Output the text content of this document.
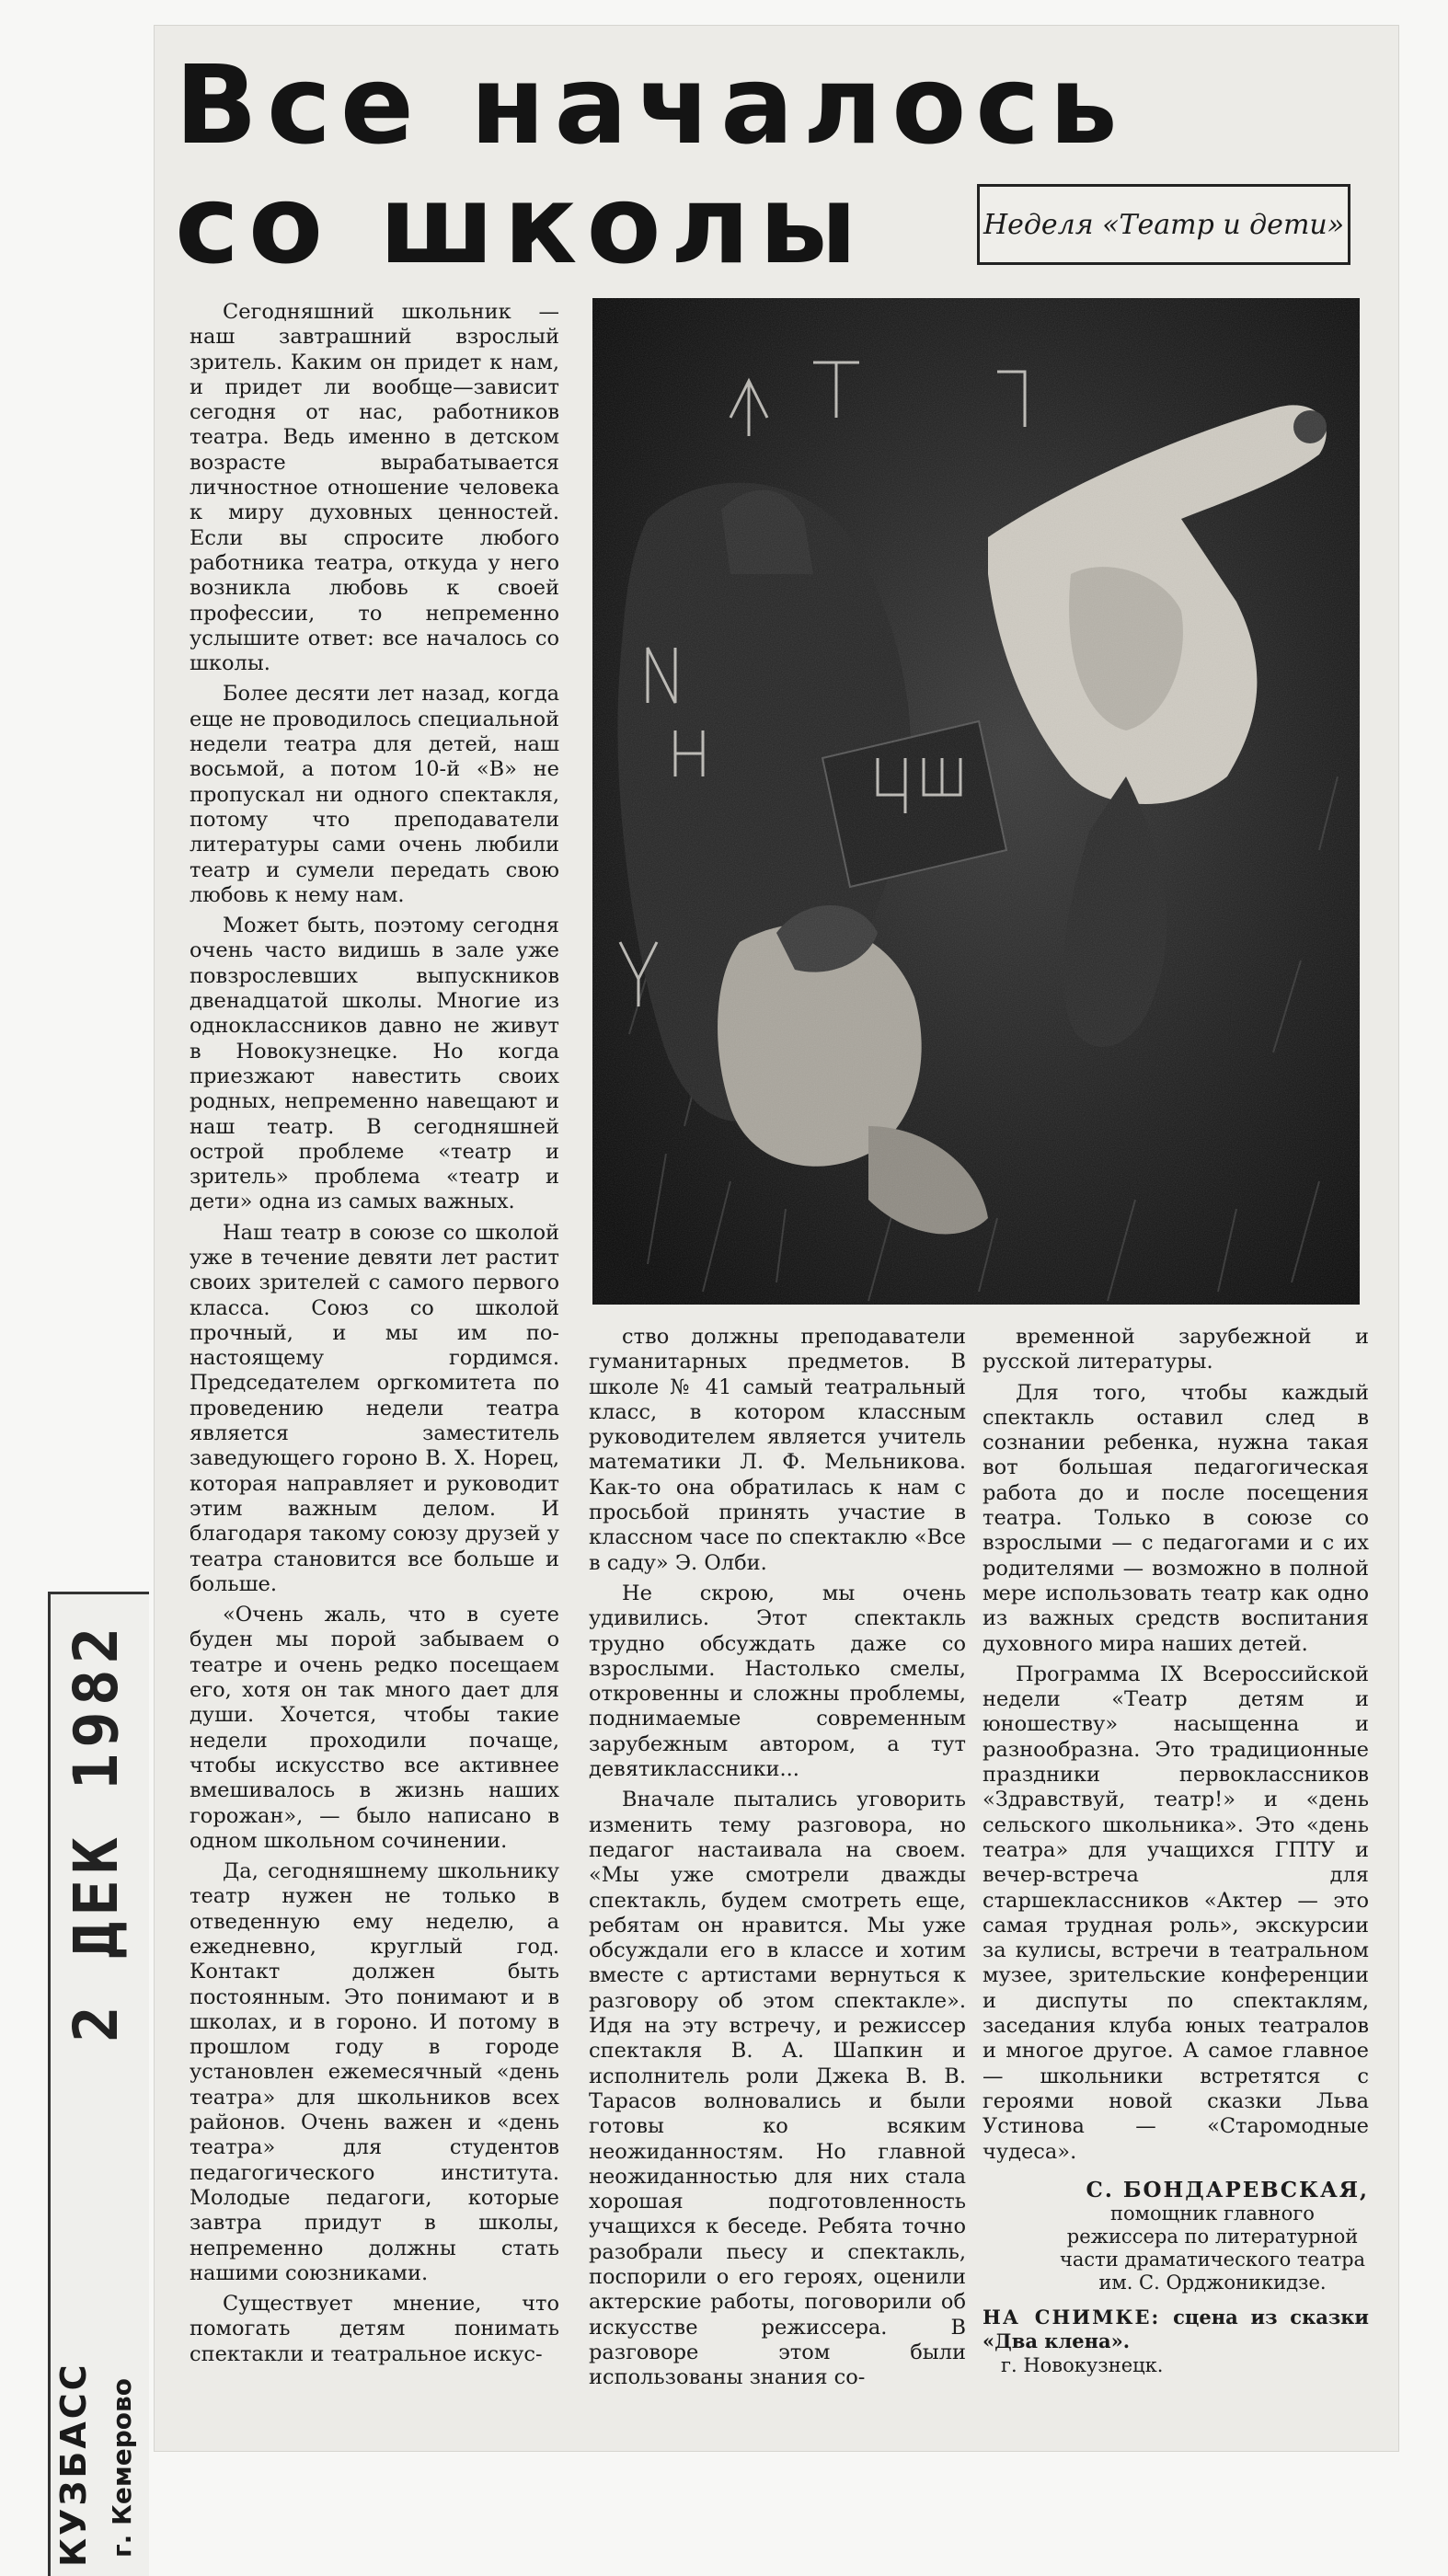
Все началось
со школы	Неделя «Театр и дети»

Сегодняшний школьник — наш завтрашний взрослый зритель. Каким он придет к нам, и придет ли вообще—зависит сегодня от нас, работников театра. Ведь именно в детском возрасте вырабатывается личностное отношение человека к миру духовных ценностей. Если вы спросите любого работника театра, откуда у него возникла любовь к своей профессии, то непременно услышите ответ: все началось со школы.

Более десяти лет назад, когда еще не проводилось специальной недели театра для детей, наш восьмой, а потом 10-й «В» не пропускал ни одного спектакля, потому что преподаватели литературы сами очень любили театр и сумели передать свою любовь к нему нам.

Может быть, поэтому сегодня очень часто видишь в зале уже повзрослевших выпускников двенадцатой школы. Многие из одноклассников давно не живут в Новокузнецке. Но когда приезжают навестить своих родных, непременно навещают и наш театр. В сегодняшней острой проблеме «театр и зритель» проблема «театр и дети» одна из самых важных.

Наш театр в союзе со школой уже в течение девяти лет растит своих зрителей с самого первого класса. Союз со школой прочный, и мы им по-настоящему гордимся. Председателем оргкомитета по проведению недели театра является заместитель заведующего гороно В. Х. Норец, которая направляет и руководит этим важным делом. И благодаря такому союзу друзей у театра становится все больше и больше.

«Очень жаль, что в суете буден мы порой забываем о театре и очень редко посещаем его, хотя он так много дает для души. Хочется, чтобы такие недели проходили почаще, чтобы искусство все активнее вмешивалось в жизнь наших горожан», — было написано в одном школьном сочинении.

Да, сегодняшнему школьнику театр нужен не только в отведенную ему неделю, а ежедневно, круглый год. Контакт должен быть постоянным. Это понимают и в школах, и в гороно. И потому в прошлом году в городе установлен ежемесячный «день театра» для школьников всех районов. Очень важен и «день театра» для студентов педагогического института. Молодые педагоги, которые завтра придут в школы, непременно должны стать нашими союзниками.

Существует мнение, что помогать детям понимать спектакли и театральное искус-

ство должны преподаватели гуманитарных предметов. В школе № 41 самый театральный класс, в котором классным руководителем является учитель математики Л. Ф. Мельникова. Как-то она обратилась к нам с просьбой принять участие в классном часе по спектаклю «Все в саду» Э. Олби.

Не скрою, мы очень удивились. Этот спектакль трудно обсуждать даже со взрослыми. Настолько смелы, откровенны и сложны проблемы, поднимаемые современным зарубежным автором, а тут девятиклассники...

Вначале пытались уговорить изменить тему разговора, но педагог настаивала на своем. «Мы уже смотрели дважды спектакль, будем смотреть еще, ребятам он нравится. Мы уже обсуждали его в классе и хотим вместе с артистами вернуться к разговору об этом спектакле». Идя на эту встречу, и режиссер спектакля В. А. Шапкин и исполнитель роли Джека В. В. Тарасов волновались и были готовы ко всяким неожиданностям. Но главной неожиданностью для них стала хорошая подготовленность учащихся к беседе. Ребята точно разобрали пьесу и спектакль, поспорили о его героях, оценили актерские работы, поговорили об искусстве режиссера. В разговоре этом были использованы знания со-

временной зарубежной и русской литературы.

Для того, чтобы каждый спектакль оставил след в сознании ребенка, нужна такая вот большая педагогическая работа до и после посещения театра. Только в союзе со взрослыми — с педагогами и с их родителями — возможно в полной мере использовать театр как одно из важных средств воспитания духовного мира наших детей.

Программа IX Всероссийской недели «Театр детям и юношеству» насыщенна и разнообразна. Это традиционные праздники первоклассников «Здравствуй, театр!» и «день сельского школьника». Это «день театра» для учащихся ГПТУ и вечер-встреча для старшеклассников «Актер — это самая трудная роль», экскурсии за кулисы, встречи в театральном музее, зрительские конференции и диспуты по спектаклям, заседания клуба юных театралов и многое другое. А самое главное — школьники встретятся с героями новой сказки Льва Устинова — «Старомодные чудеса».

С. БОНДАРЕВСКАЯ,
помощник главного режиссера по литературной части драматического театра им. С. Орджоникидзе.
НА СНИМКЕ: сцена из сказки «Два клена».
г. Новокузнецк.
2 ДЕК 1982
КУЗБАСС г. Кемерово
